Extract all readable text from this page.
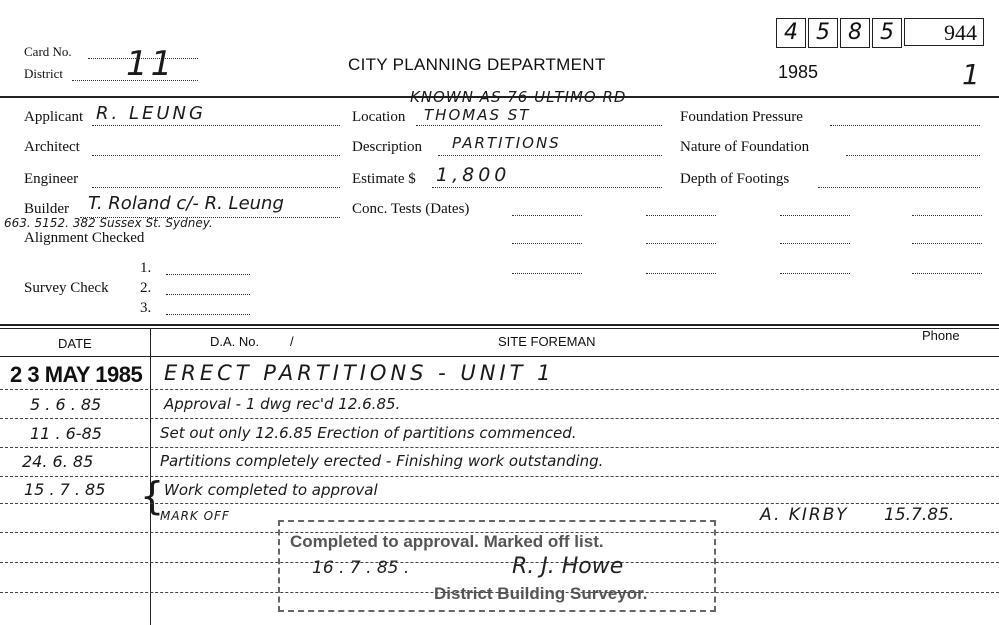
Card No.
District 11	CITY PLANNING DEPARTMENT
4 5 8 5	944
1985	1
Applicant R. LEUNG
Architect
Engineer
Builder T. Roland c/- R. Leung
663. 5152. 382 Sussex St. Sydney.
Alignment Checked
1.
Survey Check 2.
3.
KNOWN AS 76 ULTIMO RD
Location THOMAS ST
Description PARTITIONS
Estimate $ 1,800
Conc. Tests (Dates)
Foundation Pressure
Nature of Foundation
Depth of Footings
DATE	D.A. No. /	SITE FOREMAN	Phone
2 3 MAY 1985 ERECT PARTITIONS - UNIT 1
5 . 6 . 85	Approval - 1 dwg rec'd 12.6.85.
11 . 6-85	Set out only 12.6.85 Erection of partitions commenced.
24. 6. 85	Partitions completely erected - Finishing work outstanding.
15 . 7 . 85 { Work completed to approval
MARK OFF	A. KIRBY 15.7.85.
Completed to approval. Marked off list.
16 . 7 . 85 .	R. J. Howe
District Building Surveyor.
